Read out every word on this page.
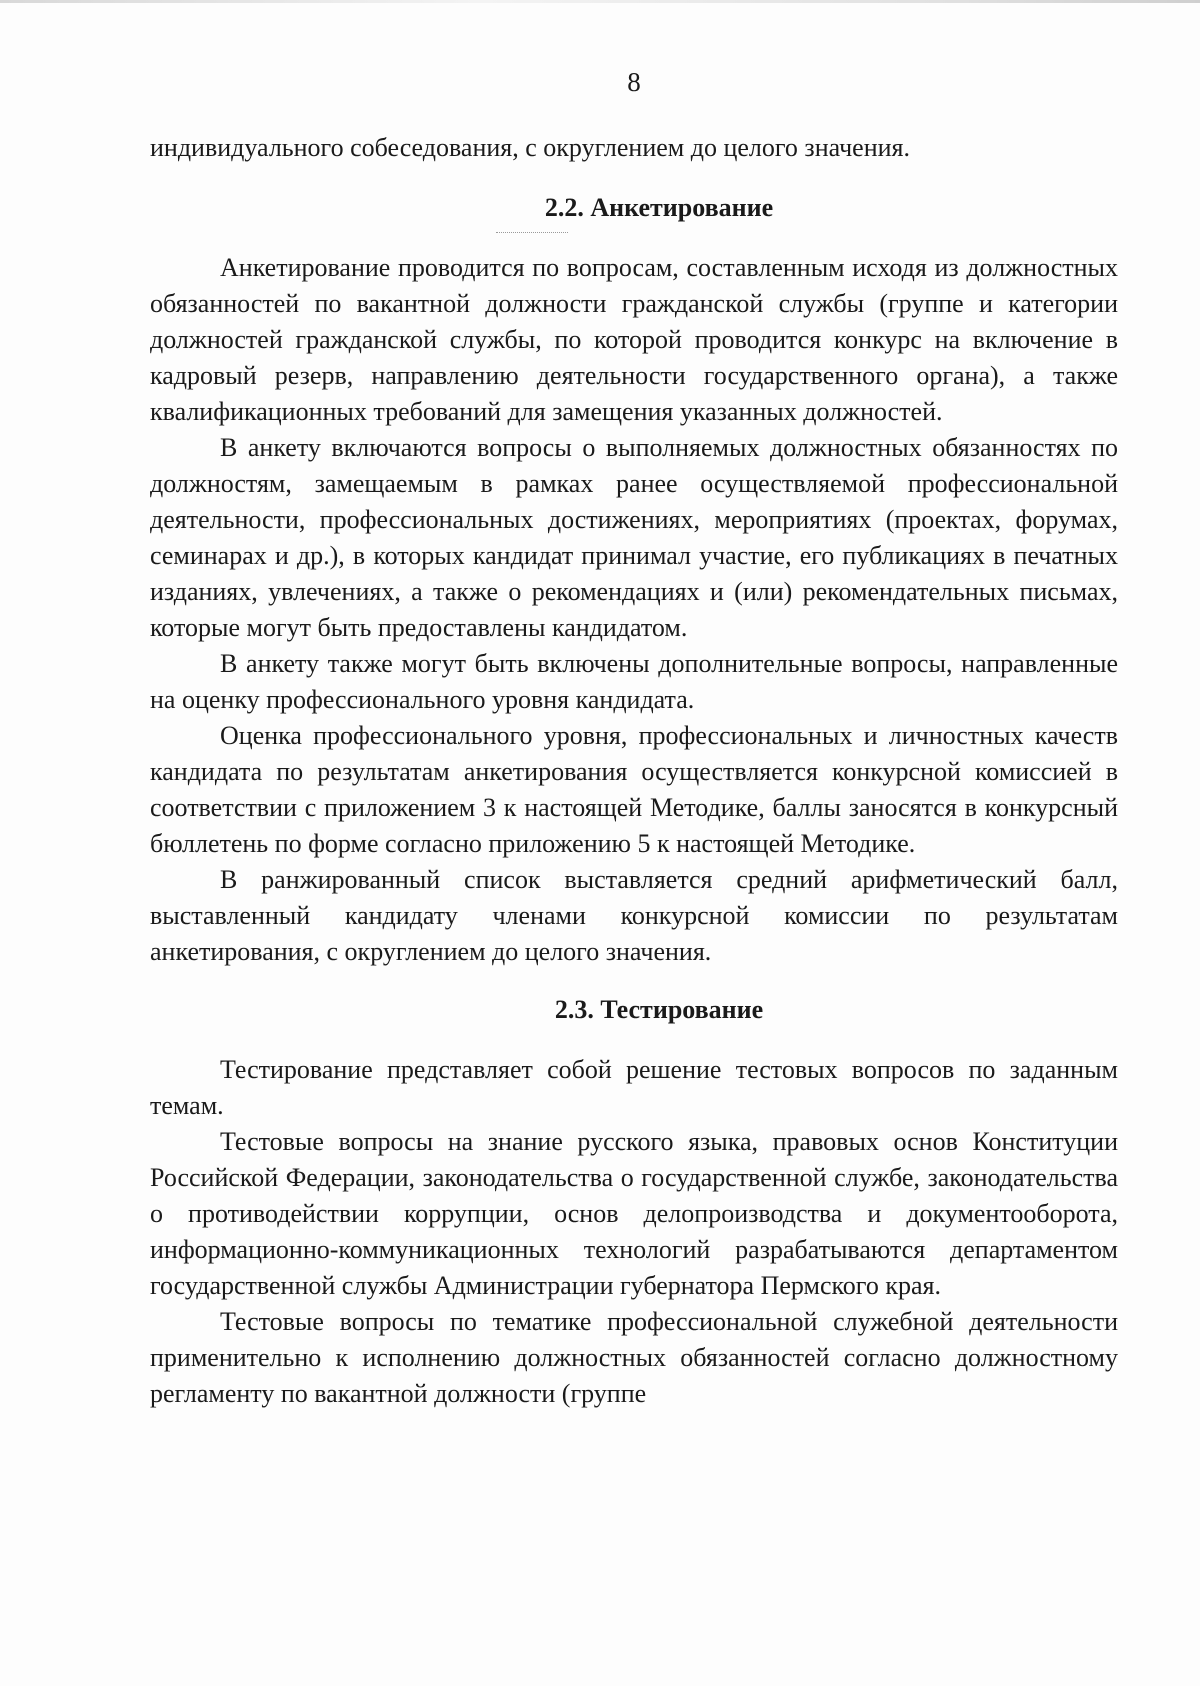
8

индивидуального собеседования, с округлением до целого значения.

2.2. Анкетирование

Анкетирование проводится по вопросам, составленным исходя из должностных обязанностей по вакантной должности гражданской службы (группе и категории должностей гражданской службы, по которой проводится конкурс на включение в кадровый резерв, направлению деятельности государственного органа), а также квалификационных требований для замещения указанных должностей.

В анкету включаются вопросы о выполняемых должностных обязанностях по должностям, замещаемым в рамках ранее осуществляемой профессиональной деятельности, профессиональных достижениях, мероприятиях (проектах, форумах, семинарах и др.), в которых кандидат принимал участие, его публикациях в печатных изданиях, увлечениях, а также о рекомендациях и (или) рекомендательных письмах, которые могут быть предоставлены кандидатом.

В анкету также могут быть включены дополнительные вопросы, направленные на оценку профессионального уровня кандидата.

Оценка профессионального уровня, профессиональных и личностных качеств кандидата по результатам анкетирования осуществляется конкурсной комиссией в соответствии с приложением 3 к настоящей Методике, баллы заносятся в конкурсный бюллетень по форме согласно приложению 5 к настоящей Методике.

В ранжированный список выставляется средний арифметический балл, выставленный кандидату членами конкурсной комиссии по результатам анкетирования, с округлением до целого значения.

2.3. Тестирование

Тестирование представляет собой решение тестовых вопросов по заданным темам.

Тестовые вопросы на знание русского языка, правовых основ Конституции Российской Федерации, законодательства о государственной службе, законодательства о противодействии коррупции, основ делопроизводства и документооборота, информационно-коммуникационных технологий разрабатываются департаментом государственной службы Администрации губернатора Пермского края.

Тестовые вопросы по тематике профессиональной служебной деятельности применительно к исполнению должностных обязанностей согласно должностному регламенту по вакантной должности (группе
